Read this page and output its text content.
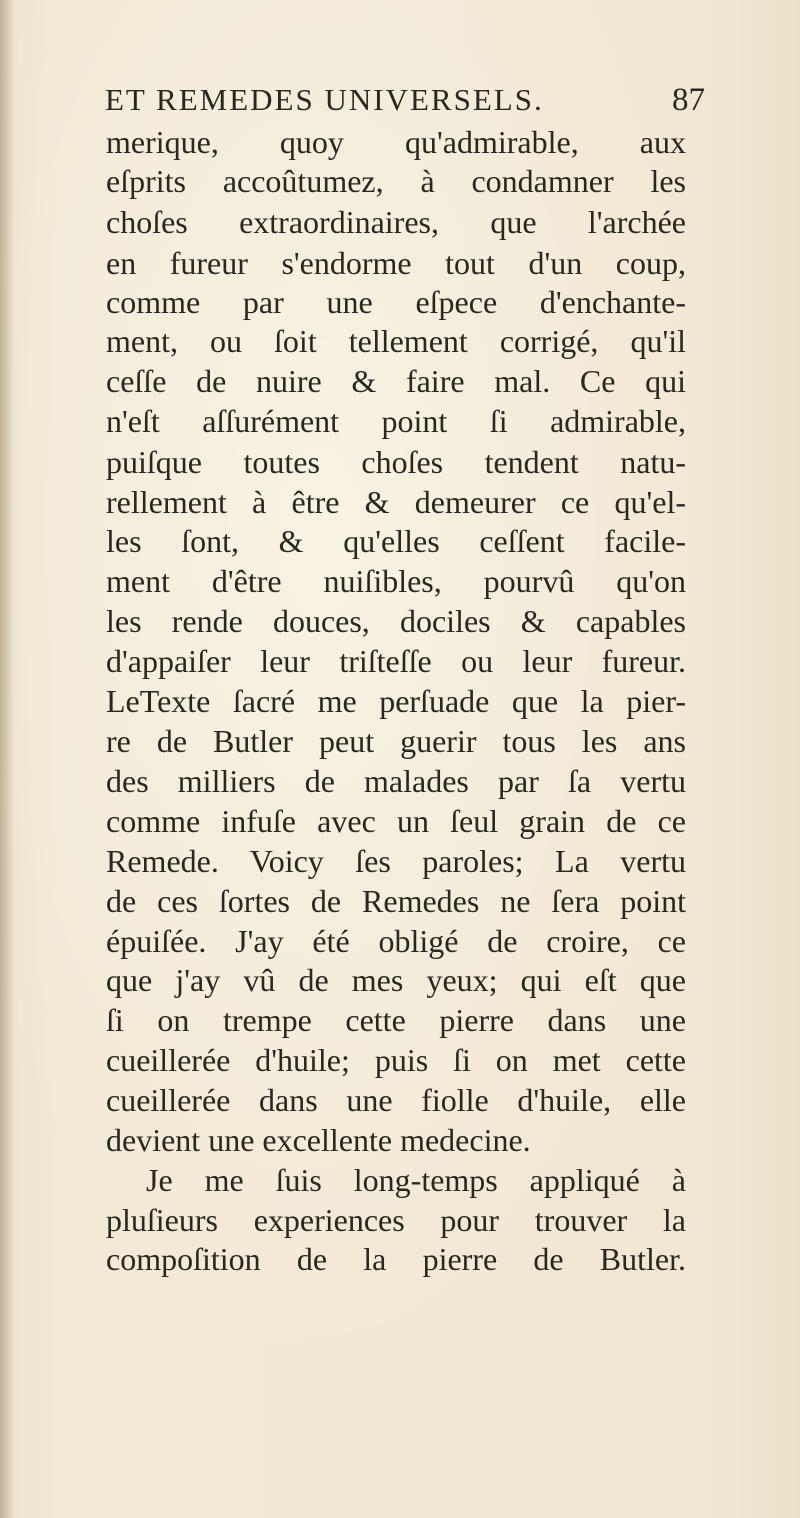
ET REMEDES UNIVERSELS.	87
merique, quoy qu'admirable, aux
eſprits accoûtumez, à condamner les
choſes extraordinaires, que l'archée
en fureur s'endorme tout d'un coup,
comme par une eſpece d'enchante-
ment, ou ſoit tellement corrigé, qu'il
ceſſe de nuire & faire mal. Ce qui
n'eſt aſſurément point ſi admirable,
puiſque toutes choſes tendent natu-
rellement à être & demeurer ce qu'el-
les ſont, & qu'elles ceſſent facile-
ment d'être nuiſibles, pourvû qu'on
les rende douces, dociles & capables
d'appaiſer leur triſteſſe ou leur fureur.
LeTexte ſacré me perſuade que la pier-
re de Butler peut guerir tous les ans
des milliers de malades par ſa vertu
comme infuſe avec un ſeul grain de ce
Remede. Voicy ſes paroles; La vertu
de ces ſortes de Remedes ne ſera point
épuiſée. J'ay été obligé de croire, ce
que j'ay vû de mes yeux; qui eſt que
ſi on trempe cette pierre dans une
cueillerée d'huile; puis ſi on met cette
cueillerée dans une fiolle d'huile, elle
devient une excellente medecine.
Je me ſuis long-temps appliqué à
pluſieurs experiences pour trouver la
compoſition de la pierre de Butler.
